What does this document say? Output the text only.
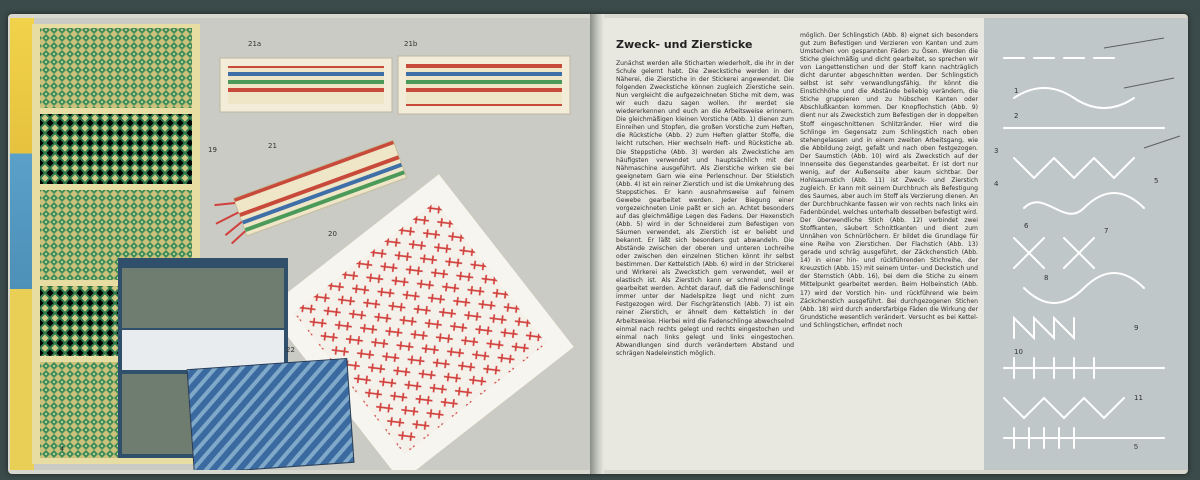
19
21a	21b
21
20
22
4
Zweck- und Ziersticke
Zunächst werden alle Sticharten wiederholt, die ihr in der Schule gelernt habt. Die Zweckstiche werden in der Näherei, die Zierstiche in der Stickerei angewendet. Die folgenden Zweckstiche können zugleich Zierstiche sein. Nun vergleicht die aufgezeichneten Stiche mit dem, was wir euch dazu sagen wollen. Ihr werdet sie wiedererkennen und euch an die Arbeitsweise erinnern. Die gleichmäßigen kleinen Vorstiche (Abb. 1) dienen zum Einreihen und Stopfen, die großen Vorstiche zum Heften, die Rückstiche (Abb. 2) zum Heften glatter Stoffe, die leicht rutschen. Hier wechseln Heft- und Rückstiche ab. Die Steppstiche (Abb. 3) werden als Zweckstiche am häufigsten verwendet und hauptsächlich mit der Nähmaschine ausgeführt. Als Zierstiche wirken sie bei geeignetem Garn wie eine Perlenschnur. Der Stielstich (Abb. 4) ist ein reiner Zierstich und ist die Umkehrung des Steppstiches. Er kann ausnahmsweise auf feinem Gewebe gearbeitet werden. Jeder Biegung einer vorgezeichneten Linie paßt er sich an. Achtet besonders auf das gleichmäßige Legen des Fadens. Der Hexenstich (Abb. 5) wird in der Schneiderei zum Befestigen von Säumen verwendet, als Zierstich ist er beliebt und bekannt. Er läßt sich besonders gut abwandeln. Die Abstände zwischen der oberen und unteren Lochreihe oder zwischen den einzelnen Stichen könnt ihr selbst bestimmen. Der Kettelstich (Abb. 6) wird in der Strickerei und Wirkerei als Zweckstich gern verwendet, weil er elastisch ist. Als Zierstich kann er schmal und breit gearbeitet werden. Achtet darauf, daß die Fadenschlinge immer unter der Nadelspitze liegt und nicht zum Festgezogen wird. Der Fischgrätenstich (Abb. 7) ist ein reiner Zierstich, er ähnelt dem Kettelstich in der Arbeitsweise. Hierbei wird die Fadenschlinge abwechselnd einmal nach rechts gelegt und rechts eingestochen und einmal nach links gelegt und links eingestochen. Abwandlungen sind durch verändertem Abstand und schrägen Nadeleinstich möglich.
möglich. Der Schlingstich (Abb. 8) eignet sich besonders gut zum Befestigen und Verzieren von Kanten und zum Umstechen von gespannten Fäden zu Ösen. Werden die Stiche gleichmäßig und dicht gearbeitet, so sprechen wir von Langettenstichen und der Stoff kann nachträglich dicht darunter abgeschnitten werden. Der Schlingstich selbst ist sehr verwandlungsfähig. Ihr könnt die Einstichhöhe und die Abstände beliebig verändern, die Stiche gruppieren und zu hübschen Kanten oder Abschlußkanten kommen. Der Knopflochstich (Abb. 9) dient nur als Zweckstich zum Befestigen der in doppelten Stoff eingeschnittenen Schlitzränder. Hier wird die Schlinge im Gegensatz zum Schlingstich nach oben stehengelassen und in einem zweiten Arbeitsgang, wie die Abbildung zeigt, gefaßt und nach oben festgezogen. Der Saumstich (Abb. 10) wird als Zweckstich auf der Innenseite des Gegenstandes gearbeitet. Er ist dort nur wenig, auf der Außenseite aber kaum sichtbar. Der Hohlsaumstich (Abb. 11) ist Zweck- und Zierstich zugleich. Er kann mit seinem Durchbruch als Befestigung des Saumes, aber auch im Stoff als Verzierung dienen. An der Durchbruchkante fassen wir von rechts nach links ein Fadenbündel, welches unterhalb desselben befestigt wird. Der überwendliche Stich (Abb. 12) verbindet zwei Stoffkanten, säubert Schnittkanten und dient zum Unnähen von Schnürlöchern. Er bildet die Grundlage für eine Reihe von Zierstichen. Der Flachstich (Abb. 13) gerade und schräg ausgeführt, der Zäckchenstich (Abb. 14) in einer hin- und rückführenden Stichreihe, der Kreuzstich (Abb. 15) mit seinem Unter- und Deckstich und der Sternstich (Abb. 16), bei dem die Stiche zu einem Mittelpunkt gearbeitet werden. Beim Holbeinstich (Abb. 17) wird der Vorstich hin- und rückführend wie beim Zäckchenstich ausgeführt. Bei durchgezogenen Stichen (Abb. 18) wird durch andersfarbige Fäden die Wirkung der Grundstiche wesentlich verändert. Versucht es bei Kettel- und Schlingstichen, erfindet noch
1
2
3
4	5
6
7
8
9
10
11
5
